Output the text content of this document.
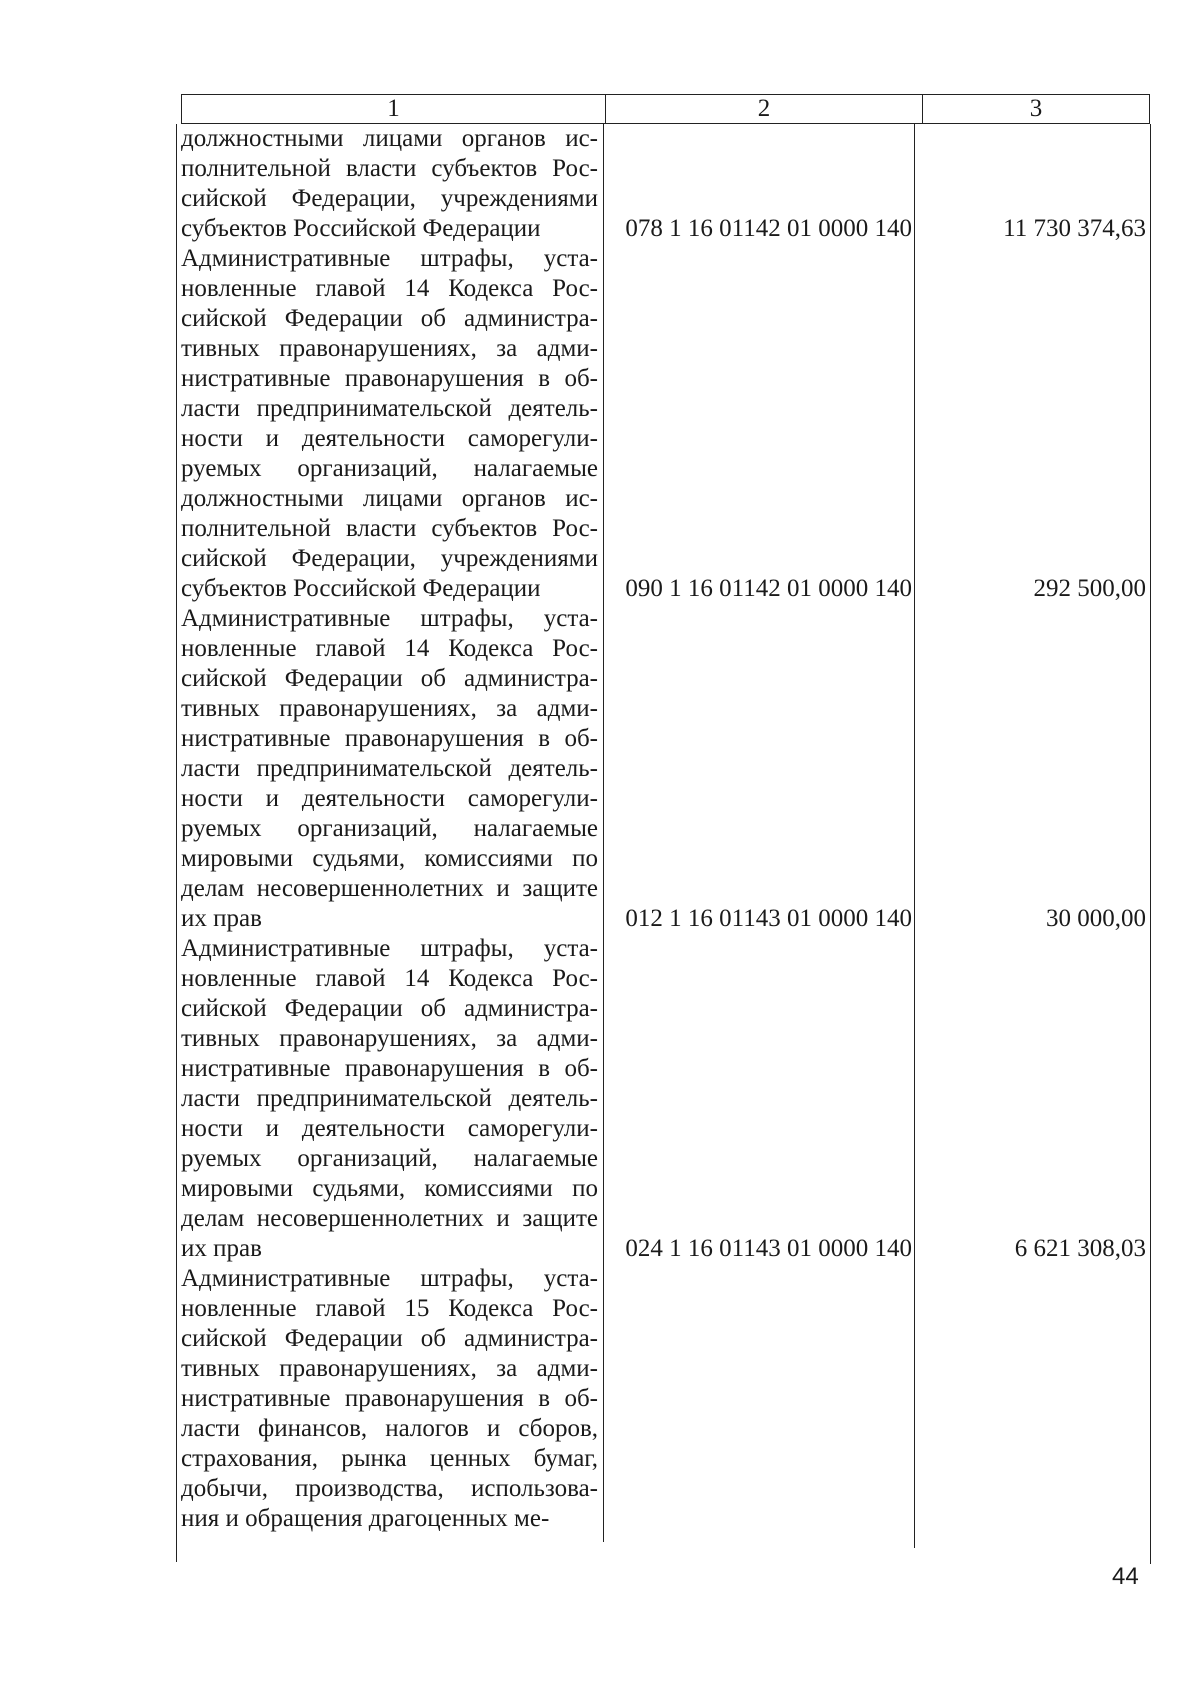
1	2	3
должностными лицами органов ис-
полнительной власти субъектов Рос-
сийской Федерации, учреждениями
субъектов Российской Федерации	078 1 16 01142 01 0000 140	11 730 374,63
Административные штрафы, уста-
новленные главой 14 Кодекса Рос-
сийской Федерации об администра-
тивных правонарушениях, за адми-
нистративные правонарушения в об-
ласти предпринимательской деятель-
ности и деятельности саморегули-
руемых организаций, налагаемые
должностными лицами органов ис-
полнительной власти субъектов Рос-
сийской Федерации, учреждениями
субъектов Российской Федерации	090 1 16 01142 01 0000 140	292 500,00
Административные штрафы, уста-
новленные главой 14 Кодекса Рос-
сийской Федерации об администра-
тивных правонарушениях, за адми-
нистративные правонарушения в об-
ласти предпринимательской деятель-
ности и деятельности саморегули-
руемых организаций, налагаемые
мировыми судьями, комиссиями по
делам несовершеннолетних и защите
их прав	012 1 16 01143 01 0000 140	30 000,00
Административные штрафы, уста-
новленные главой 14 Кодекса Рос-
сийской Федерации об администра-
тивных правонарушениях, за адми-
нистративные правонарушения в об-
ласти предпринимательской деятель-
ности и деятельности саморегули-
руемых организаций, налагаемые
мировыми судьями, комиссиями по
делам несовершеннолетних и защите
их прав	024 1 16 01143 01 0000 140	6 621 308,03
Административные штрафы, уста-
новленные главой 15 Кодекса Рос-
сийской Федерации об администра-
тивных правонарушениях, за адми-
нистративные правонарушения в об-
ласти финансов, налогов и сборов,
страхования, рынка ценных бумаг,
добычи, производства, использова-
ния и обращения драгоценных ме-
44
